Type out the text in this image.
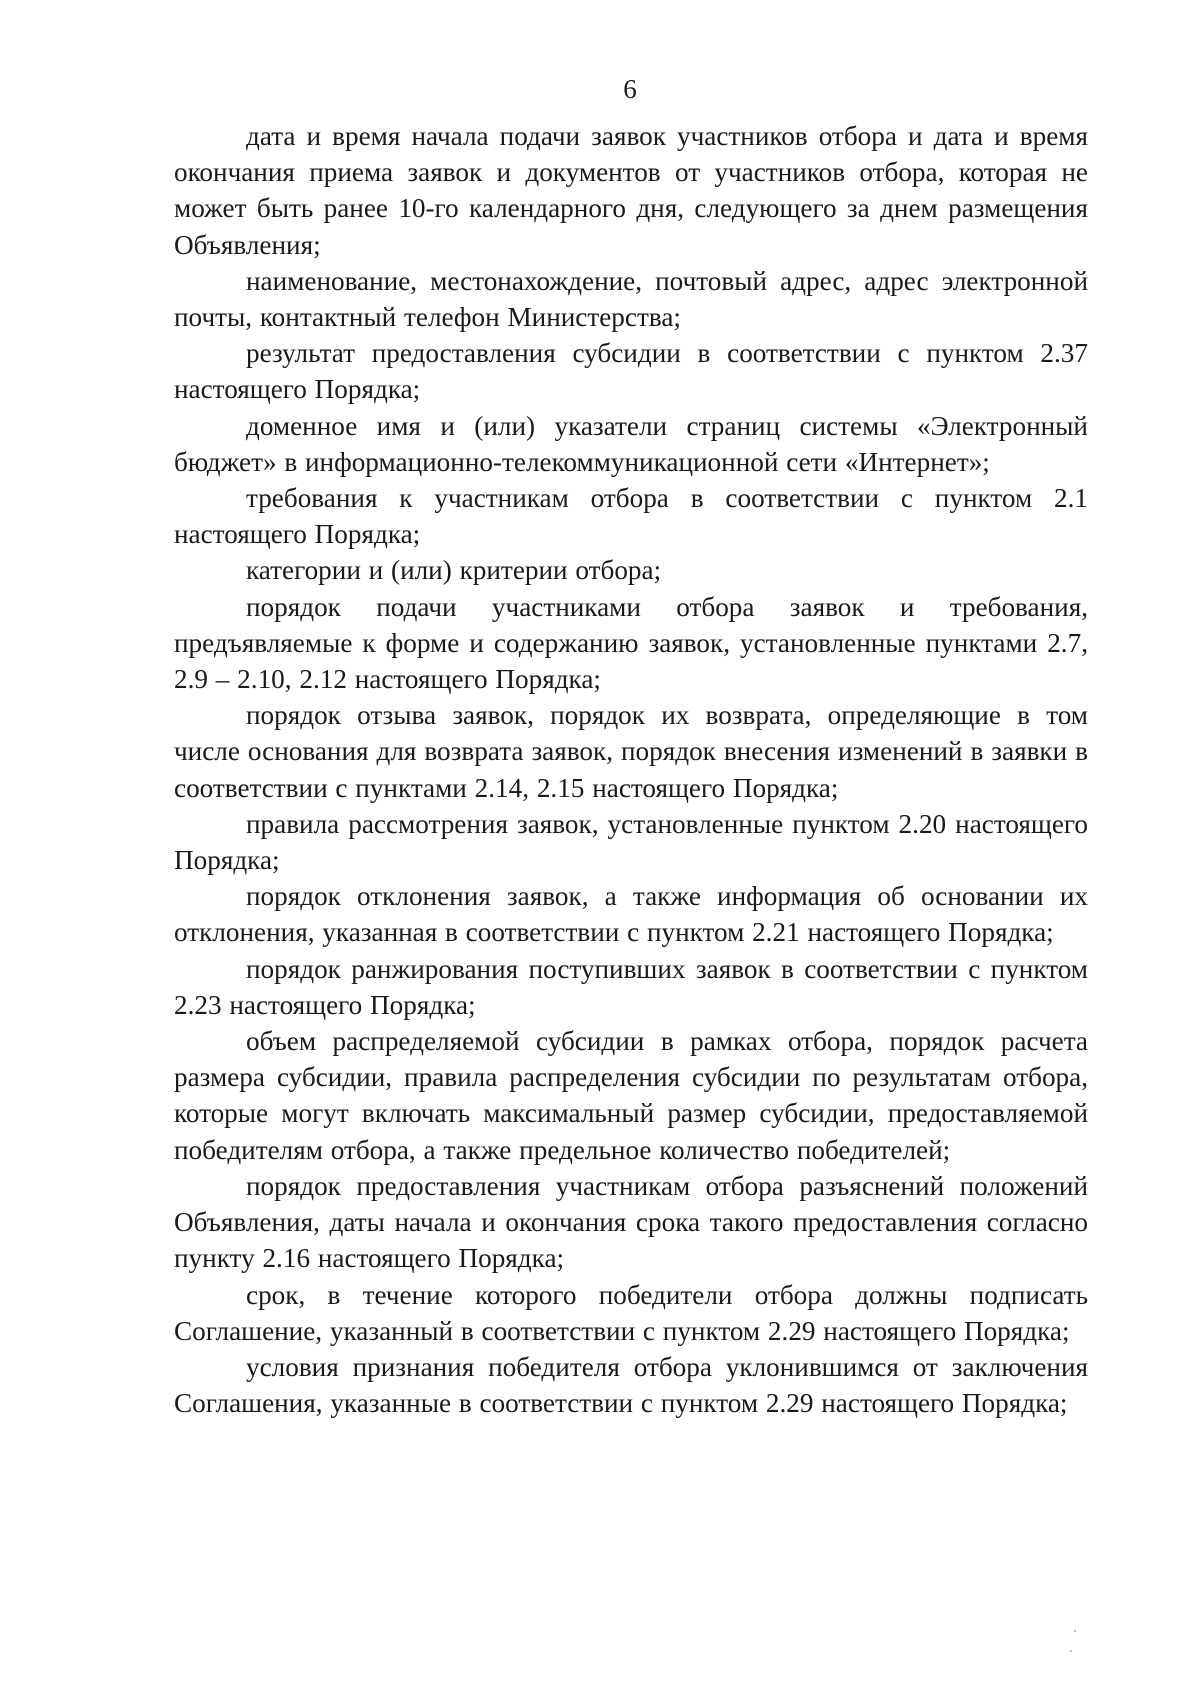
6

дата и время начала подачи заявок участников отбора и дата и время окончания приема заявок и документов от участников отбора, которая не может быть ранее 10-го календарного дня, следующего за днем размещения Объявления;

наименование, местонахождение, почтовый адрес, адрес электронной почты, контактный телефон Министерства;

результат предоставления субсидии в соответствии с пунктом 2.37 настоящего Порядка;

доменное имя и (или) указатели страниц системы «Электронный бюджет» в информационно-телекоммуникационной сети «Интернет»;

требования к участникам отбора в соответствии с пунктом 2.1 настоящего Порядка;

категории и (или) критерии отбора;

порядок подачи участниками отбора заявок и требования, предъявляемые к форме и содержанию заявок, установленные пунктами 2.7, 2.9 – 2.10, 2.12 настоящего Порядка;

порядок отзыва заявок, порядок их возврата, определяющие в том числе основания для возврата заявок, порядок внесения изменений в заявки в соответствии с пунктами 2.14, 2.15 настоящего Порядка;

правила рассмотрения заявок, установленные пунктом 2.20 настоящего Порядка;

порядок отклонения заявок, а также информация об основании их отклонения, указанная в соответствии с пунктом 2.21 настоящего Порядка;

порядок ранжирования поступивших заявок в соответствии с пунктом 2.23 настоящего Порядка;

объем распределяемой субсидии в рамках отбора, порядок расчета размера субсидии, правила распределения субсидии по результатам отбора, которые могут включать максимальный размер субсидии, предоставляемой победителям отбора, а также предельное количество победителей;

порядок предоставления участникам отбора разъяснений положений Объявления, даты начала и окончания срока такого предоставления согласно пункту 2.16 настоящего Порядка;

срок, в течение которого победители отбора должны подписать Соглашение, указанный в соответствии с пунктом 2.29 настоящего Порядка;

условия признания победителя отбора уклонившимся от заключения Соглашения, указанные в соответствии с пунктом 2.29 настоящего Порядка;
